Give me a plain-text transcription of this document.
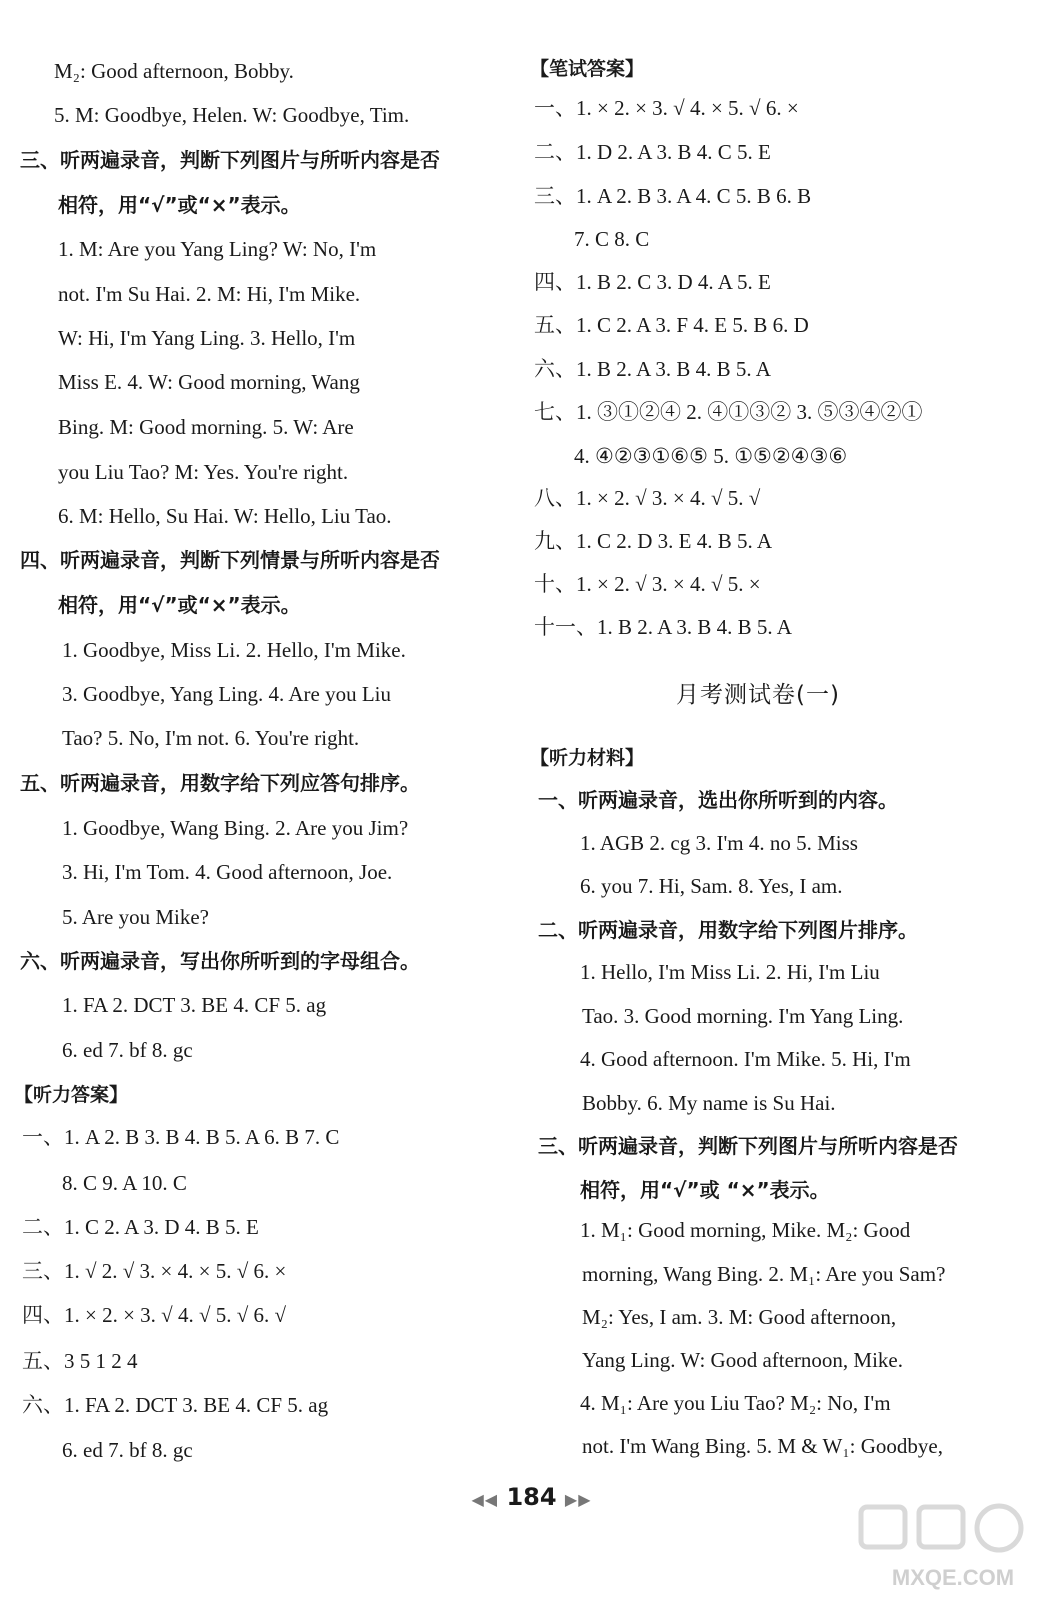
M₂: Good afternoon, Bobby.
5. M: Goodbye, Helen. W: Goodbye, Tim.
三、听两遍录音，判断下列图片与所听内容是否
相符，用“√”或“×”表示。
1. M: Are you Yang Ling? W: No, I'm
not. I'm Su Hai. 2. M: Hi, I'm Mike.
W: Hi, I'm Yang Ling. 3. Hello, I'm
Miss E. 4. W: Good morning, Wang
Bing. M: Good morning. 5. W: Are
you Liu Tao? M: Yes. You're right.
6. M: Hello, Su Hai. W: Hello, Liu Tao.
四、听两遍录音，判断下列情景与所听内容是否
相符，用“√”或“×”表示。
1. Goodbye, Miss Li. 2. Hello, I'm Mike.
3. Goodbye, Yang Ling. 4. Are you Liu
Tao? 5. No, I'm not. 6. You're right.
五、听两遍录音，用数字给下列应答句排序。
1. Goodbye, Wang Bing. 2. Are you Jim?
3. Hi, I'm Tom. 4. Good afternoon, Joe.
5. Are you Mike?
六、听两遍录音，写出你所听到的字母组合。
1. FA 2. DCT 3. BE 4. CF 5. ag
6. ed 7. bf 8. gc
【听力答案】
一、1. A 2. B 3. B 4. B 5. A 6. B 7. C
8. C 9. A 10. C
二、1. C 2. A 3. D 4. B 5. E
三、1. √ 2. √ 3. × 4. × 5. √ 6. ×
四、1. × 2. × 3. √ 4. √ 5. √ 6. √
五、3 5 1 2 4
六、1. FA 2. DCT 3. BE 4. CF 5. ag
6. ed 7. bf 8. gc
【笔试答案】
一、1. × 2. × 3. √ 4. × 5. √ 6. ×
二、1. D 2. A 3. B 4. C 5. E
三、1. A 2. B 3. A 4. C 5. B 6. B
7. C 8. C
四、1. B 2. C 3. D 4. A 5. E
五、1. C 2. A 3. F 4. E 5. B 6. D
六、1. B 2. A 3. B 4. B 5. A
七、1. ③①②④ 2. ④①③② 3. ⑤③④②①
4. ④②③①⑥⑤ 5. ①⑤②④③⑥
八、1. × 2. √ 3. × 4. √ 5. √
九、1. C 2. D 3. E 4. B 5. A
十、1. × 2. √ 3. × 4. √ 5. ×
十一、1. B 2. A 3. B 4. B 5. A
【听力材料】
一、听两遍录音，选出你所听到的内容。
1. AGB 2. cg 3. I'm 4. no 5. Miss
6. you 7. Hi, Sam. 8. Yes, I am.
二、听两遍录音，用数字给下列图片排序。
1. Hello, I'm Miss Li. 2. Hi, I'm Liu
Tao. 3. Good morning. I'm Yang Ling.
4. Good afternoon. I'm Mike. 5. Hi, I'm
Bobby. 6. My name is Su Hai.
三、听两遍录音，判断下列图片与所听内容是否
相符，用“√”或 “×”表示。
1. M₁: Good morning, Mike. M₂: Good
morning, Wang Bing. 2. M₁: Are you Sam?
M₂: Yes, I am. 3. M: Good afternoon,
Yang Ling. W: Good afternoon, Mike.
4. M₁: Are you Liu Tao? M₂: No, I'm
not. I'm Wang Bing. 5. M & W₁: Goodbye,
月考测试卷(一)
◀◀ 184 ▶▶
MXQE.COM
